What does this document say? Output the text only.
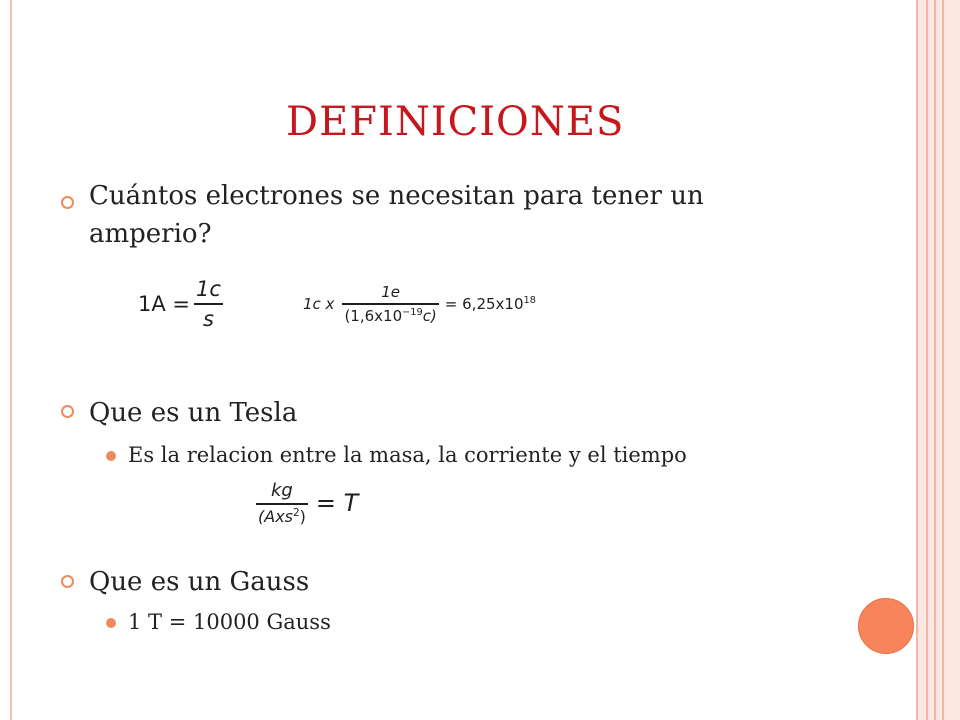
DEFINICIONES
Cuántos electrones se necesitan para tener un
amperio?
$1A = \frac{1c}{s}$	1c x $\frac{1e}{(1,6x10^{-19}c)} = 6,25x10^{18}$
Que es un Tesla
Es la relacion entre la masa, la corriente y el tiempo
$\frac{kg}{(Axs^2)} = T$
Que es un Gauss
1 T = 10000 Gauss
